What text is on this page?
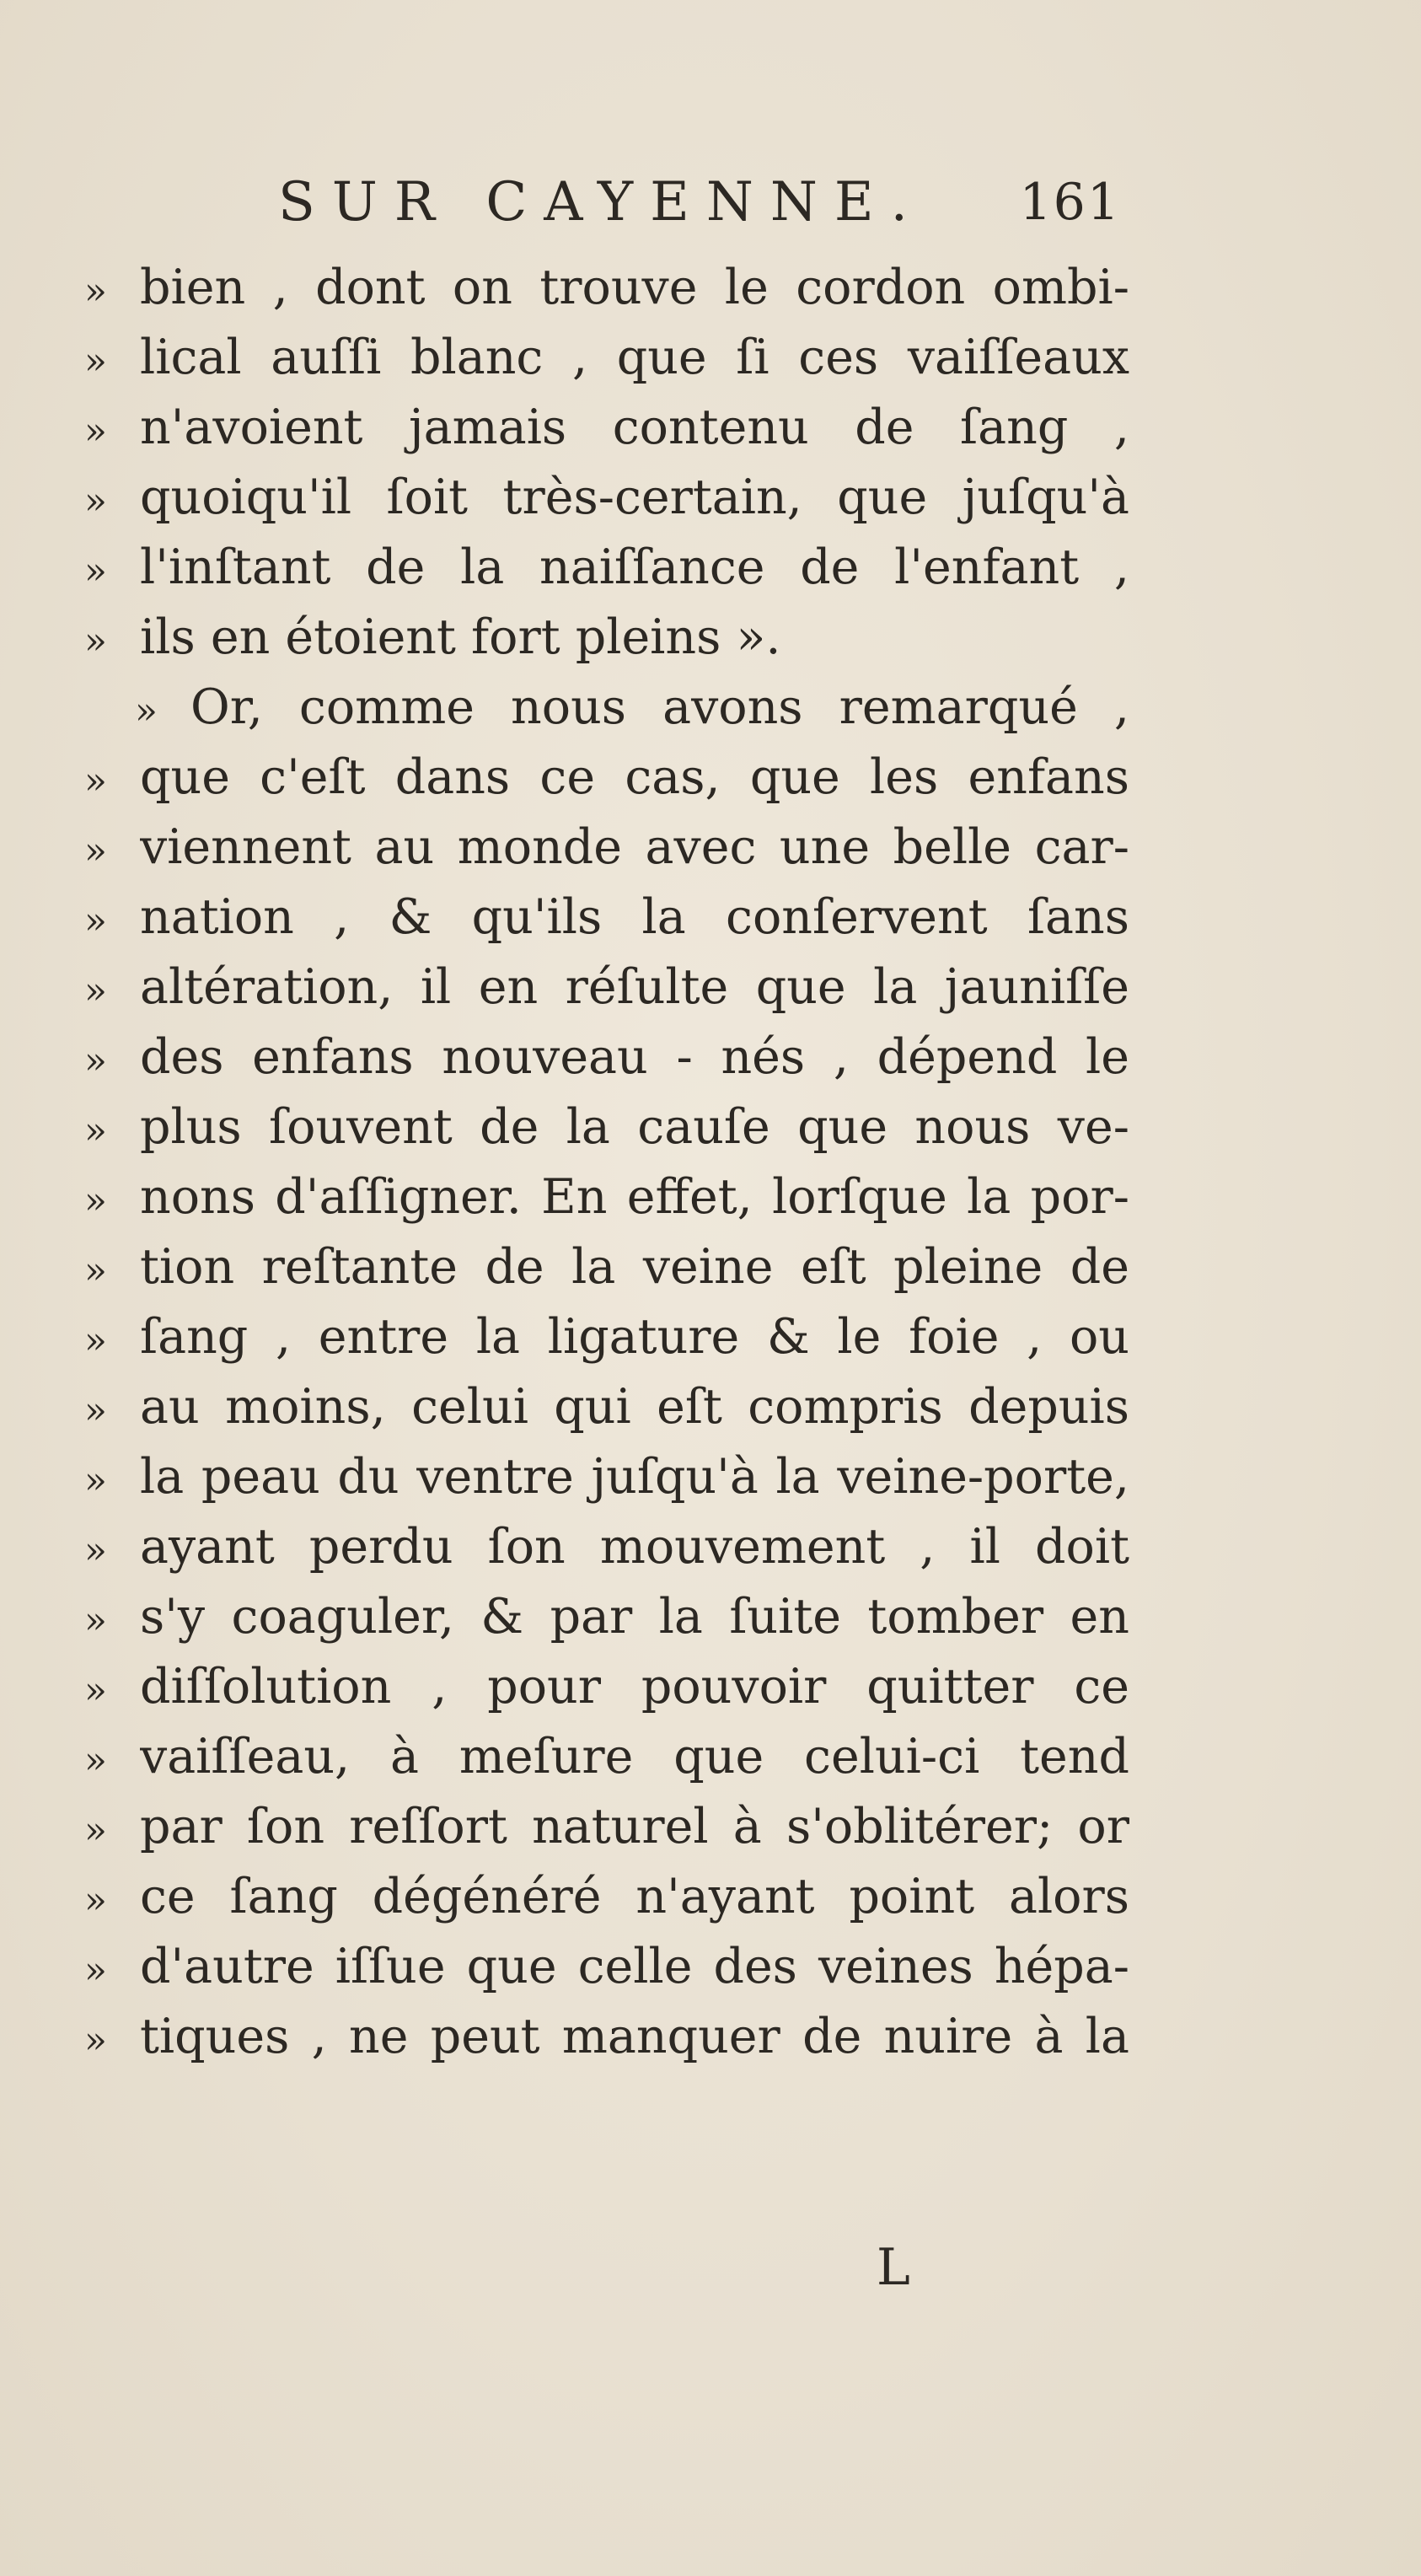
SUR CAYENNE. 161
» bien , dont on trouve le cordon ombi-
» lical auſſi blanc , que ſi ces vaiſſeaux
» n'avoient jamais contenu de ſang ,
» quoiqu'il ſoit très-certain, que juſqu'à
» l'inſtant de la naiſſance de l'enfant ,
» ils en étoient fort pleins ».
» Or, comme nous avons remarqué ,
» que c'eſt dans ce cas, que les enfans
» viennent au monde avec une belle car-
» nation , & qu'ils la conſervent ſans
» altération, il en réſulte que la jauniſſe
» des enfans nouveau - nés , dépend le
» plus ſouvent de la cauſe que nous ve-
» nons d'aſſigner. En effet, lorſque la por-
» tion reſtante de la veine eſt pleine de
» ſang , entre la ligature & le foie , ou
» au moins, celui qui eſt compris depuis
» la peau du ventre juſqu'à la veine-porte,
» ayant perdu ſon mouvement , il doit
» s'y coaguler, & par la ſuite tomber en
» diſſolution , pour pouvoir quitter ce
» vaiſſeau, à meſure que celui-ci tend
» par ſon reſſort naturel à s'oblitérer; or
» ce ſang dégénéré n'ayant point alors
» d'autre iſſue que celle des veines hépa-
» tiques , ne peut manquer de nuire à la
L
